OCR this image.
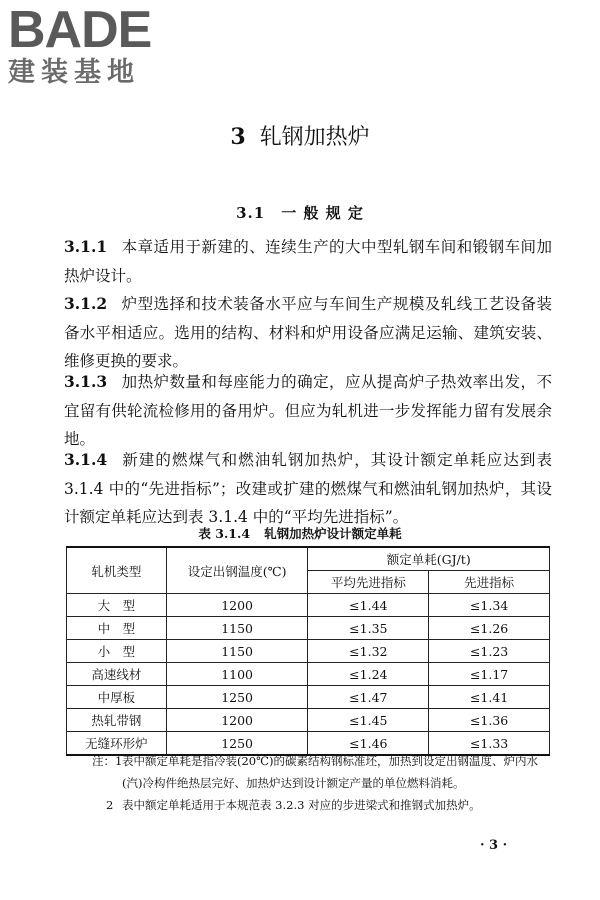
BADE
建装基地
3 轧钢加热炉
3.1 一 般 规 定
3.1.1 本章适用于新建的、连续生产的大中型轧钢车间和锻钢车间加热炉设计。
3.1.2 炉型选择和技术装备水平应与车间生产规模及轧线工艺设备装备水平相适应。选用的结构、材料和炉用设备应满足运输、建筑安装、维修更换的要求。
3.1.3 加热炉数量和每座能力的确定，应从提高炉子热效率出发，不宜留有供轮流检修用的备用炉。但应为轧机进一步发挥能力留有发展余地。
3.1.4 新建的燃煤气和燃油轧钢加热炉，其设计额定单耗应达到表 3.1.4 中的“先进指标”；改建或扩建的燃煤气和燃油轧钢加热炉，其设计额定单耗应达到表 3.1.4 中的“平均先进指标”。
表 3.1.4 轧钢加热炉设计额定单耗
轧机类型	设定出钢温度(℃)	额定单耗(GJ/t)	
		平均先进指标	先进指标
大　型	1200	≤1.44	≤1.34
中　型	1150	≤1.35	≤1.26
小　型	1150	≤1.32	≤1.23
高速线材	1100	≤1.24	≤1.17
中厚板	1250	≤1.47	≤1.41
热轧带钢	1200	≤1.45	≤1.36
无缝环形炉	1250	≤1.46	≤1.33
注：1 表中额定单耗是指冷装(20℃)的碳素结构钢标准坯，加热到设定出钢温度、炉内水(汽)冷构件绝热层完好、加热炉达到设计额定产量的单位燃料消耗。
2 表中额定单耗适用于本规范表 3.2.3 对应的步进梁式和推钢式加热炉。
· 3 ·
